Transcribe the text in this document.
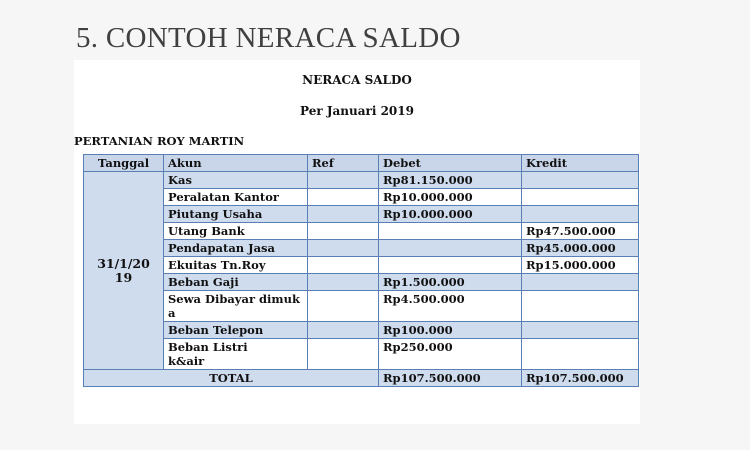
5. CONTOH NERACA SALDO
NERACA SALDO
Per Januari 2019
PERTANIAN ROY MARTIN
Tanggal	Akun	Ref	Debet	Kredit

31/1/20
19	Kas		Rp81.150.000	
	Peralatan Kantor		Rp10.000.000	
	Piutang Usaha		Rp10.000.000	
	Utang Bank			Rp47.500.000
	Pendapatan Jasa			Rp45.000.000
	Ekuitas Tn.Roy			Rp15.000.000
	Beban Gaji		Rp1.500.000	
	Sewa Dibayar dimuka		Rp4.500.000	
	Beban Telepon		Rp100.000	

	Beban Listrik&air		Rp250.000	
TOTAL			Rp107.500.000	Rp107.500.000
